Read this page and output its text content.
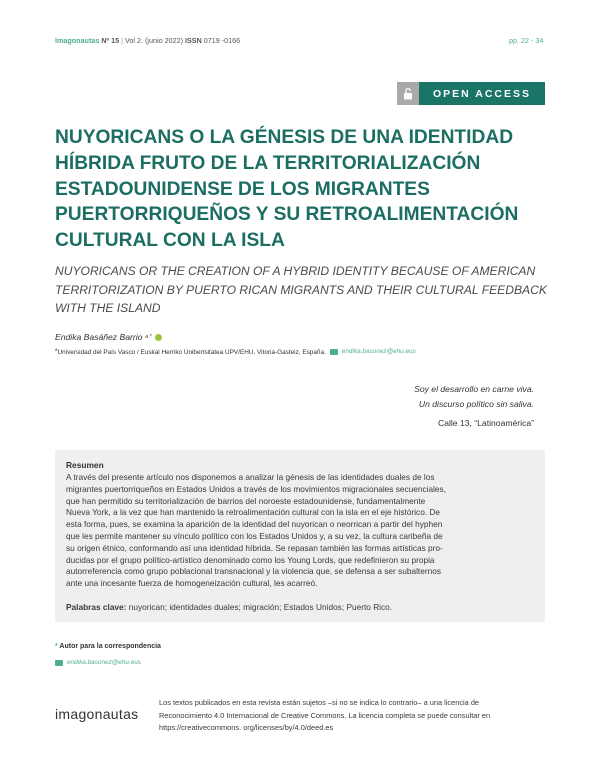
Imagonautas Nº 15 | Vol 2. (junio 2022) ISSN 0719 -0166	pp. 22 - 34
OPEN ACCESS
NUYORICANS O LA GÉNESIS DE UNA IDENTIDAD
HÍBRIDA FRUTO DE LA TERRITORIALIZACIÓN
ESTADOUNIDENSE DE LOS MIGRANTES
PUERTORRIQUEÑOS Y SU RETROALIMENTACIÓN
CULTURAL CON LA ISLA
NUYORICANS OR THE CREATION OF A HYBRID IDENTITY BECAUSE OF AMERICAN
TERRITORIZATION BY PUERTO RICAN MIGRANTS AND THEIR CULTURAL FEEDBACK
WITH THE ISLAND
Endika Basáñez Barrio a *
$^a$Universidad del País Vasco / Euskal Herriko Unibertsitatea UPV/EHU. Vitoria-Gasteiz, España.	endika.basonez@ehu.eus
Soy el desarrollo en carne viva.
Un discurso político sin saliva.
Calle 13, “Latinoamérica”
Resumen
A través del presente artículo nos disponemos a analizar la génesis de las identidades duales de los
migrantes puertorriqueños en Estados Unidos a través de los movimientos migracionales secuenciales,
que han permitido su territorialización de barrios del noroeste estadounidense, fundamentalmente
Nueva York, a la vez que han mantenido la retroalimentación cultural con la isla en el eje histórico. De
esta forma, pues, se examina la aparición de la identidad del nuyorican o neorrican a partir del hyphen
que les permite mantener su vínculo político con los Estados Unidos y, a su vez, la cultura caribeña de
su origen étnico, conformando así una identidad híbrida. Se repasan también las formas artísticas pro-
ducidas por el grupo político-artístico denominado como los Young Lords, que redefinieron su propia
autorreferencia como grupo poblacional transnacional y la violencia que, se defensa a ser subalternos
ante una incesante fuerza de homogeneización cultural, les acarreó.
Palabras clave: nuyorican; identidades duales; migración; Estados Unidos; Puerto Rico.
* Autor para la correspondencia
endika.basonez@ehu.eus
imagonautas
Los textos publicados en esta revista están sujetos –si no se indica lo contrario– a una licencia de
Reconocimiento 4.0 Internacional de Creative Commons. La licencia completa se puede consultar en
https://creativecommons. org/licenses/by/4.0/deed.es
